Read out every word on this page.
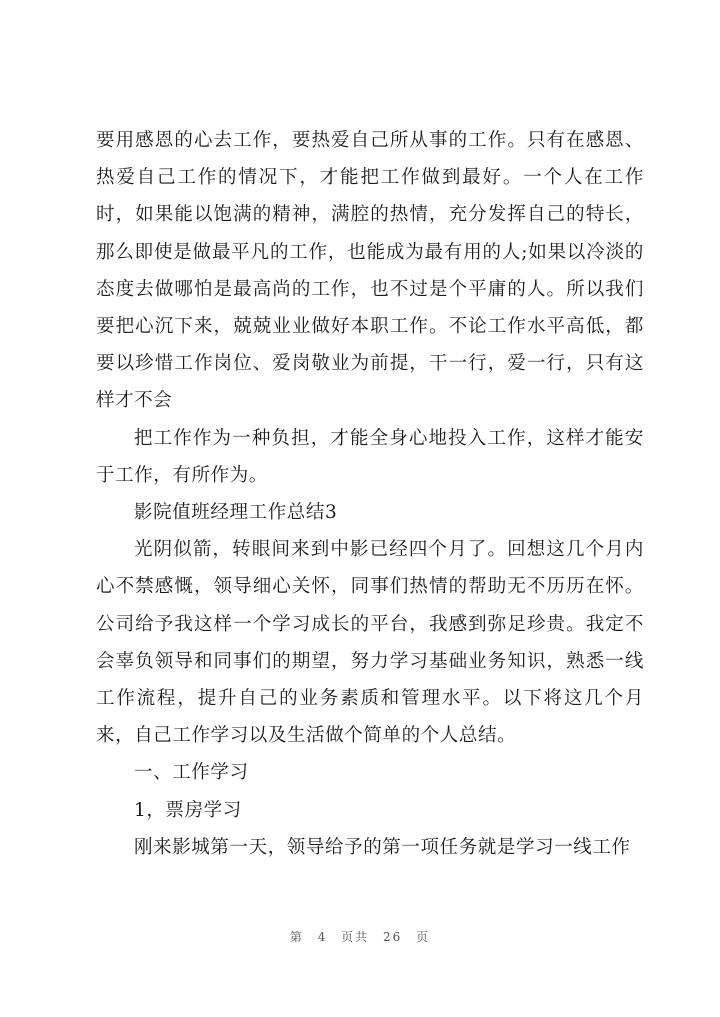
要用感恩的心去工作，要热爱自己所从事的工作。只有在感恩、热爱自己工作的情况下，才能把工作做到最好。一个人在工作时，如果能以饱满的精神，满腔的热情，充分发挥自己的特长，那么即使是做最平凡的工作，也能成为最有用的人;如果以冷淡的态度去做哪怕是最高尚的工作，也不过是个平庸的人。所以我们要把心沉下来，兢兢业业做好本职工作。不论工作水平高低，都要以珍惜工作岗位、爱岗敬业为前提，干一行，爱一行，只有这样才不会

把工作作为一种负担，才能全身心地投入工作，这样才能安于工作，有所作为。

影院值班经理工作总结3

光阴似箭，转眼间来到中影已经四个月了。回想这几个月内心不禁感慨，领导细心关怀，同事们热情的帮助无不历历在怀。公司给予我这样一个学习成长的平台，我感到弥足珍贵。我定不会辜负领导和同事们的期望，努力学习基础业务知识，熟悉一线工作流程，提升自己的业务素质和管理水平。以下将这几个月来，自己工作学习以及生活做个简单的个人总结。

一、工作学习

1，票房学习

刚来影城第一天，领导给予的第一项任务就是学习一线工作

第 4 页共 26 页
